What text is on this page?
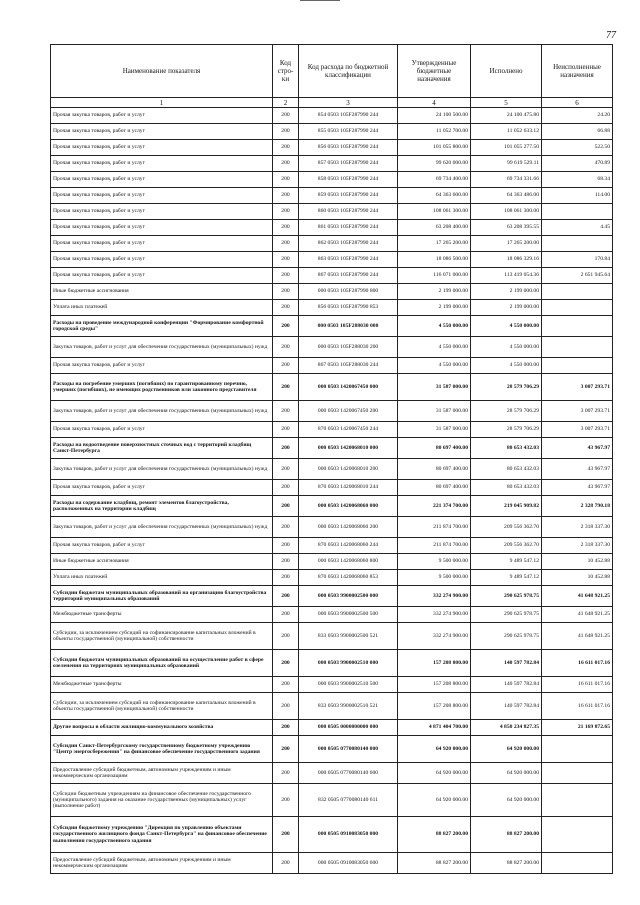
77
Наименование показателя	Код стро-ки	Код расхода по бюджетной классификации	Утвержденные бюджетные назначения	Исполнено	Неисполненные назначения
1	2	3	4	5	6
Прочая закупка товаров, работ и услуг	200	854 0503 105F287990 244	24 100 500.00	24 100 475.80	24.20
Прочая закупка товаров, работ и услуг	200	855 0503 105F287990 244	11 052 700.00	11 052 633.12	66.88
Прочая закупка товаров, работ и услуг	200	856 0503 105F287990 244	101 055 800.00	101 055 277.50	522.50
Прочая закупка товаров, работ и услуг	200	857 0503 105F287990 244	99 620 000.00	99 619 529.11	470.89
Прочая закупка товаров, работ и услуг	200	858 0503 105F287990 244	69 734 400.00	69 734 331.66	68.34
Прочая закупка товаров, работ и услуг	200	859 0503 105F287990 244	64 363 600.00	64 363 486.00	114.00
Прочая закупка товаров, работ и услуг	200	860 0503 105F287990 244	108 061 300.00	108 061 300.00	
Прочая закупка товаров, работ и услуг	200	861 0503 105F287990 244	63 208 400.00	63 208 395.55	4.45
Прочая закупка товаров, работ и услуг	200	862 0503 105F287990 244	17 265 200.00	17 265 200.00	
Прочая закупка товаров, работ и услуг	200	863 0503 105F287990 244	18 086 500.00	18 086 329.16	170.84
Прочая закупка товаров, работ и услуг	200	867 0503 105F287990 244	116 071 000.00	113 419 054.36	2 651 945.64
Иные бюджетные ассигнования	200	000 0503 105F287990 800	2 199 000.00	2 199 000.00	
Уплата иных платежей	200	856 0503 105F287990 853	2 199 000.00	2 199 000.00	
Расходы на проведение международной конференции "Формирование комфортной городской среды"	200	000 0503 105F288030 000	4 550 000.00	4 550 000.00	
Закупка товаров, работ и услуг для обеспечения государственных (муниципальных) нужд	200	000 0503 105F288030 200	4 550 000.00	4 550 000.00	
Прочая закупка товаров, работ и услуг	200	867 0503 105F288030 244	4 550 000.00	4 550 000.00	
Расходы на погребение умерших (погибших) по гарантированному перечню, умерших (погибших), не имеющих родственников или законного представителя	200	000 0503 1420067450 000	31 587 000.00	28 579 706.29	3 007 293.71
Закупка товаров, работ и услуг для обеспечения государственных (муниципальных) нужд	200	000 0503 1420067450 200	31 587 000.00	28 579 706.29	3 007 293.71
Прочая закупка товаров, работ и услуг	200	870 0503 1420067450 244	31 587 000.00	28 579 706.29	3 007 293.71
Расходы на водоотведение поверхностных сточных вод с территорий кладбищ Санкт-Петербурга	200	000 0503 1420068010 000	80 697 400.00	80 653 432.03	43 967.97
Закупка товаров, работ и услуг для обеспечения государственных (муниципальных) нужд	200	000 0503 1420068010 200	80 697 400.00	80 653 432.03	43 967.97
Прочая закупка товаров, работ и услуг	200	870 0503 1420068010 244	80 697 400.00	80 653 432.03	43 967.97
Расходы на содержание кладбищ, ремонт элементов благоустройства, расположенных на территории кладбищ	200	000 0503 1420068060 000	221 374 700.00	219 045 909.82	2 328 790.18
Закупка товаров, работ и услуг для обеспечения государственных (муниципальных) нужд	200	000 0503 1420068060 200	211 874 700.00	209 556 362.70	2 318 337.30
Прочая закупка товаров, работ и услуг	200	870 0503 1420068060 244	211 874 700.00	209 556 362.70	2 318 337.30
Иные бюджетные ассигнования	200	000 0503 1420068060 800	9 500 000.00	9 489 547.12	10 452.88
Уплата иных платежей	200	870 0503 1420068060 853	9 500 000.00	9 489 547.12	10 452.88
Субсидии бюджетам муниципальных образований на организацию благоустройства территорий муниципальных образований	200	000 0503 9900002500 000	332 274 900.00	290 625 978.75	41 648 921.25
Межбюджетные трансферты	200	000 0503 9900002500 500	332 274 900.00	290 625 978.75	41 648 921.25
Субсидии, за исключением субсидий на софинансирование капитальных вложений в объекты государственной (муниципальной) собственности	200	833 0503 9900002500 521	332 274 900.00	290 625 978.75	41 648 921.25
Субсидии бюджетам муниципальных образований на осуществление работ в сфере озеленения на территориях муниципальных образований	200	000 0503 9900002510 000	157 208 800.00	140 597 782.84	16 611 017.16
Межбюджетные трансферты	200	000 0503 9900002510 500	157 208 800.00	140 597 782.84	16 611 017.16
Субсидии, за исключением субсидий на софинансирование капитальных вложений в объекты государственной (муниципальной) собственности	200	833 0503 9900002510 521	157 208 800.00	140 597 782.84	16 611 017.16
Другие вопросы в области жилищно-коммунального хозяйства	200	000 0505 0000000000 000	4 871 404 700.00	4 850 234 827.35	21 169 872.65
Субсидии Санкт-Петербургскому государственному бюджетному учреждению "Центр энергосбережения" на финансовое обеспечение государственного задания	200	000 0505 0770080140 000	64 920 000.00	64 920 000.00	
Предоставление субсидий бюджетным, автономным учреждениям и иным некоммерческим организациям	200	000 0505 0770080140 600	64 920 000.00	64 920 000.00	
Субсидии бюджетным учреждениям на финансовое обеспечение государственного (муниципального) задания на оказание государственных (муниципальных) услуг (выполнение работ)	200	832 0505 0770080140 611	64 920 000.00	64 920 000.00	
Субсидии бюджетному учреждению "Дирекция по управлению объектами государственного жилищного фонда Санкт-Петербурга" на финансовое обеспечение выполнения государственного задания	200	000 0505 0910083050 000	88 827 200.00	88 827 200.00	
Предоставление субсидий бюджетным, автономным учреждениям и иным некоммерческим организациям	200	000 0505 0910083050 600	88 827 200.00	88 827 200.00	
